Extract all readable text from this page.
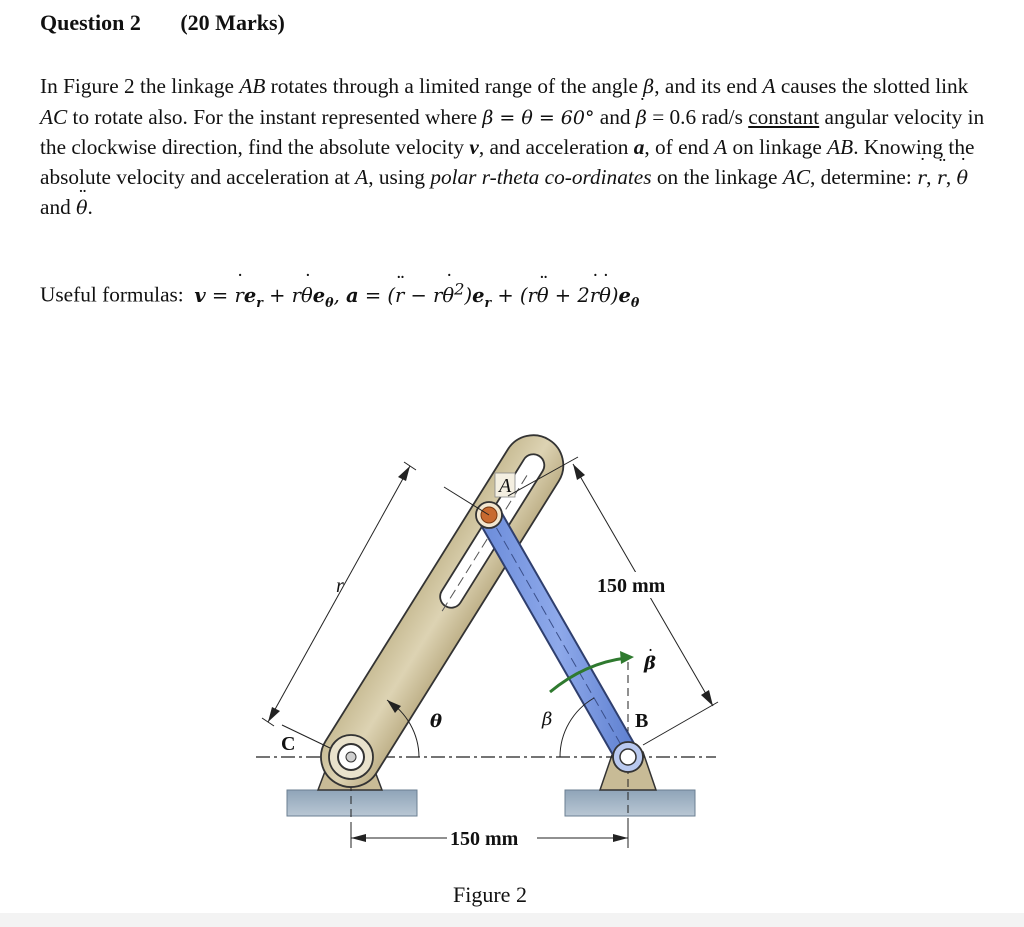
Question 2 (20 Marks)

In Figure 2 the linkage AB rotates through a limited range of the angle β, and its end A causes the slotted link AC to rotate also. For the instant represented where β = θ = 60° and ˙ β = 0.6 rad/s constant angular velocity in the clockwise direction, find the absolute velocity v, and acceleration a, of end A on linkage AB. Knowing the absolute velocity and acceleration at A, using polar r-theta co-ordinates on the linkage AC, determine: ˙ r, ¨ r, ˙ θ and ¨ θ.

Useful formulas: v = ˙ $re_r$ + r˙ $\theta e_\theta$, a = (¨ r − r˙ $\theta^2)e_r$ + (r¨ θ + 2˙ r˙ $\theta)e_\theta$

A
r	150 mm
150 mm
θ	β
β
.
B
C
Figure 2
